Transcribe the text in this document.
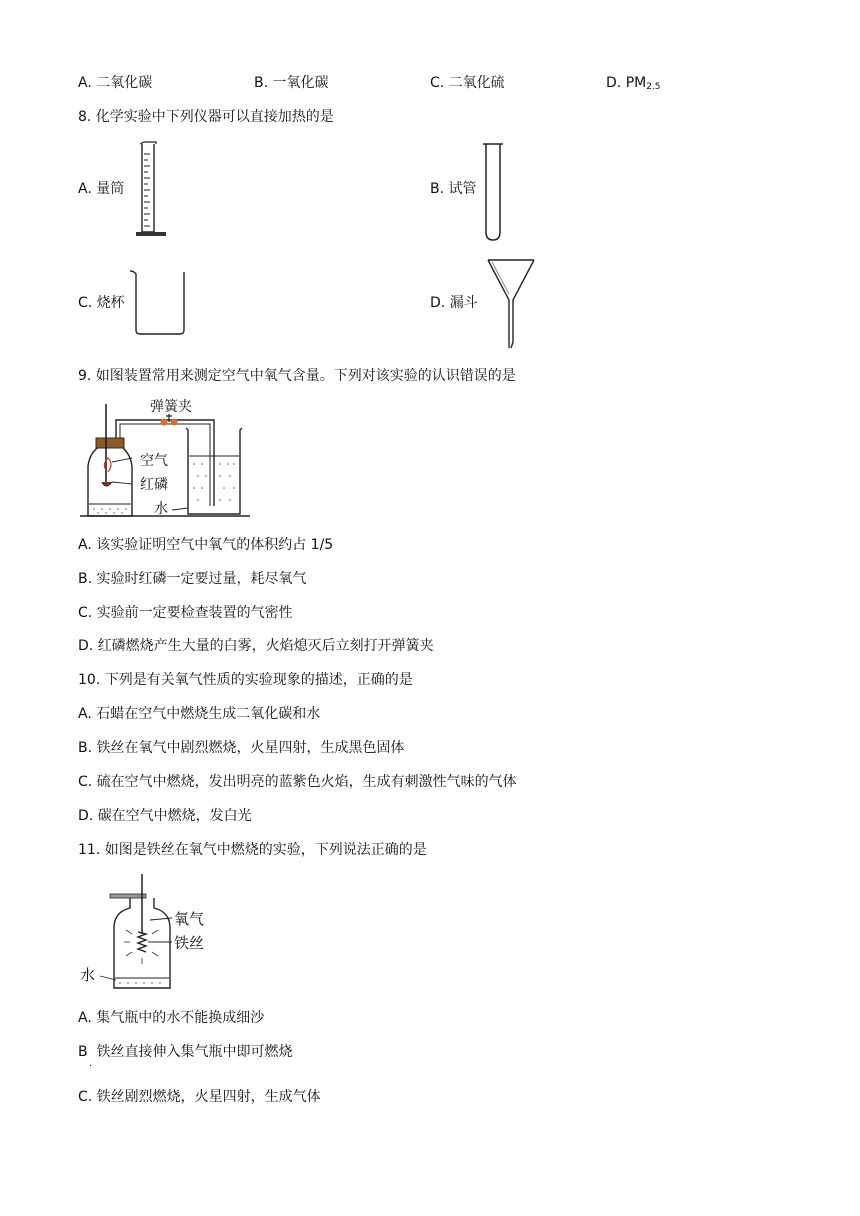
A. 二氧化碳	B. 一氧化碳	C. 二氧化硫	D. $PM_{2.5}$
8. 化学实验中下列仪器可以直接加热的是
A. 量筒	B. 试管
C. 烧杯	D. 漏斗
9. 如图装置常用来测定空气中氧气含量。下列对该实验的认识错误的是
弹簧夹
空气
红磷
水
A. 该实验证明空气中氧气的体积约占 1/5
B. 实验时红磷一定要过量，耗尽氧气
C. 实验前一定要检查装置的气密性
D. 红磷燃烧产生大量的白雾，火焰熄灭后立刻打开弹簧夹
10. 下列是有关氧气性质的实验现象的描述，正确的是
A. 石蜡在空气中燃烧生成二氧化碳和水
B. 铁丝在氧气中剧烈燃烧，火星四射，生成黑色固体
C. 硫在空气中燃烧，发出明亮的蓝紫色火焰，生成有刺激性气味的气体
D. 碳在空气中燃烧，发白光
11. 如图是铁丝在氧气中燃烧的实验，下列说法正确的是
氧气
铁丝
水
A. 集气瓶中的水不能换成细沙
B 铁丝直接伸入集气瓶中即可燃烧
·
C. 铁丝剧烈燃烧，火星四射，生成气体
